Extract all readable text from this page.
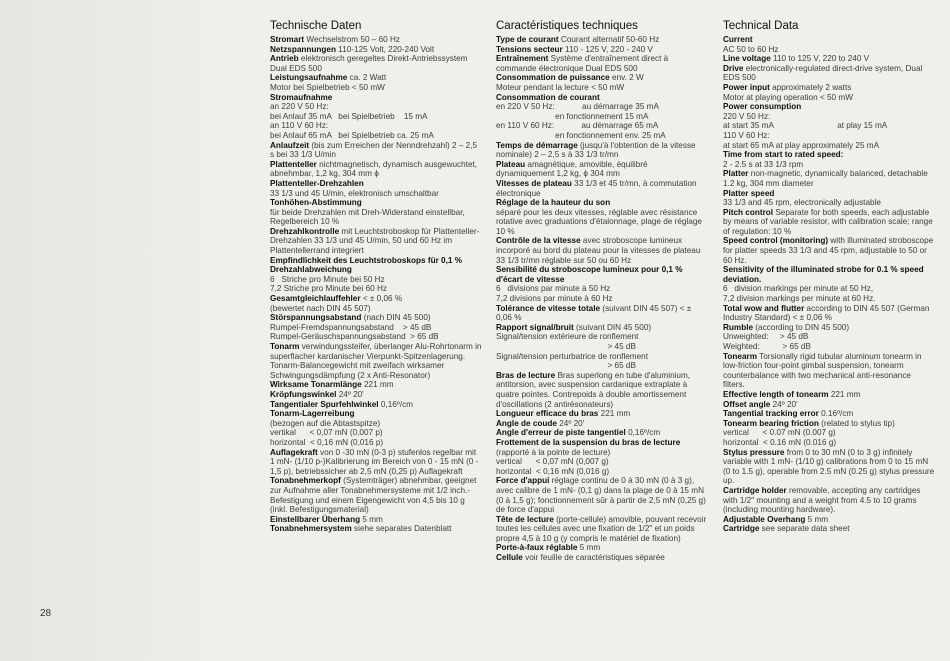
28
Technische Daten

Stromart Wechselstrom 50 – 60 Hz

Netzspannungen 110-125 Volt, 220-240 Volt

Antrieb elektronisch geregeltes Direkt-Antriebssystem Dual EDS 500

Leistungsaufnahme ca. 2 Watt
Motor bei Spielbetrieb < 50 mW

Stromaufnahme
an 220 V 50 Hz:
bei Anlauf 35 mA   bei Spielbetrieb    15 mA
an 110 V 60 Hz:
bei Anlauf 65 mA   bei Spielbetrieb ca. 25 mA

Anlaufzeit (bis zum Erreichen der Nenndrehzahl) 2 – 2,5 s bei 33 1/3 U/min

Plattenteller nichtmagnetisch, dynamisch ausgewuchtet, abnehmbar, 1,2 kg, 304 mm ϕ

Plattenteller-Drehzahlen
33 1/3 und 45 U/min, elektronisch umschaltbar

Tonhöhen-Abstimmung
für beide Drehzahlen mit Dreh-Widerstand einstellbar, Regelbereich 10 %

Drehzahlkontrolle mit Leuchtstroboskop für Plattenteller-Drehzahlen 33 1/3 und 45 U/min, 50 und 60 Hz im Plattentellerrand integriert

Empfindlichkeit des Leuchtstroboskops für 0,1 % Drehzahlabweichung
6   Striche pro Minute bei 50 Hz
7,2 Striche pro Minute bei 60 Hz

Gesamtgleichlauffehler < ± 0,06 %
(bewertet nach DIN 45 507)

Störspannungsabstand (nach DIN 45 500)
Rumpel-Fremdspannungsabstand    > 45 dB
Rumpel-Geräuschspannungsabstand  > 65 dB

Tonarm verwindungssteifer, überlanger Alu-Rohrtonarm in superflacher kardanischer Vierpunkt-Spitzenlagerung. Tonarm-Balancegewicht mit zweifach wirksamer Schwingungsdämpfung (2 x Anti-Resonator)

Wirksame Tonarmlänge 221 mm

Kröpfungswinkel 24º 20'

Tangentialer Spurfehlwinkel 0,16º/cm

Tonarm-Lagerreibung
(bezogen auf die Abtastspitze)
vertikal      < 0,07 mN (0,007 p)
horizontal  < 0,16 mN (0,016 p)

Auflagekraft von 0 -30 mN (0-3 p) stufenlos regelbar mit 1 mN- (1/10 p-)Kalibrierung im Bereich von 0 - 15 mN (0 - 1,5 p), betriebssicher ab 2,5 mN (0,25 p) Auflagekraft

Tonabnehmerkopf (Systemträger) abnehmbar, geeignet zur Aufnahme aller Tonabnehmersysteme mit 1/2 inch.-Befestigung und einem Eigengewicht von 4,5 bis 10 g (inkl. Befestigungsmaterial)

Einstellbarer Überhang 5 mm

Tonabnehmersystem siehe separates Datenblatt

Caractéristiques techniques

Type de courant Courant alternatif 50-60 Hz

Tensions secteur 110 - 125 V, 220 - 240 V

Entraînement Système d'entraînement direct à commande électronique Dual EDS 500

Consommation de puissance env. 2 W
Moteur pendant la lecture < 50 mW

Consommation de courant
en 220 V 50 Hz:            au démarrage 35 mA
en fonctionnement 15 mA
en 110 V 60 Hz:            au démarrage 65 mA
en fonctionnement env. 25 mA

Temps de démarrage (jusqu'à l'obtention de la vitesse nominale) 2 – 2,5 s à 33 1/3 tr/mn

Plateau amagnétique, amovible, équilibré dynamiquement 1,2 kg, ϕ 304 mm

Vitesses de plateau 33 1/3 et 45 tr/mn, à commutation électronique

Réglage de la hauteur du son
séparé pour les deux vitesses, réglable avec résistance rotative avec graduations d'étalonnage, plage de réglage 10 %

Contrôle de la vitesse avec stroboscope lumineux incorporé au bord du plateau pour la vitesses de plateau 33 1/3 tr/mn réglable sur 50 ou 60 Hz

Sensibilité du stroboscope lumineux pour 0,1 % d'écart de vitesse
6   divisions par minute à 50 Hz
7,2 divisions par minute à 60 Hz

Tolérance de vitesse totale (suivant DIN 45 507) < ± 0,06 %

Rapport signal/bruit (suivant DIN 45 500)
Signal/tension extérieure de ronflement
> 45 dB
Signal/tension perturbatrice de ronflement
> 65 dB

Bras de lecture Bras superlong en tube d'aluminium, antitorsion, avec suspension cardanique extraplate à quatre pointes. Contrepoids à double amortissement d'oscillations (2 antirésonateurs)

Longueur efficace du bras 221 mm

Angle de coude 24º 20'

Angle d'erreur de piste tangentiel 0,16º/cm

Frottement de la suspension du bras de lecture
(rapporté à la pointe de lecture)
vertical      < 0,07 mN (0,007 g)
horizontal  < 0,16 mN (0,016 g)

Force d'appui réglage continu de 0 à 30 mN (0 à 3 g), avec calibre de 1 mN- (0,1 g) dans la plage de 0 à 15 mN (0 à 1,5 g); fonctionnement sûr à partir de 2,5 mN (0,25 g) de force d'appui

Tête de lecture (porte-cellule) amovible, pouvant recevoir toutes les cellules avec une fixation de 1/2" et un poids propre 4,5 à 10 g (y compris le matériel de fixation)

Porte-à-faux réglable 5 mm

Cellule voir feuille de caractéristiques séparée

Technical Data

Current
AC 50 to 60 Hz

Line voltage 110 to 125 V, 220 to 240 V

Drive electronically-regulated direct-drive system, Dual EDS 500

Power input approximately 2 watts
Motor at playing operation < 50 mW

Power consumption
220 V 50 Hz:
at start 35 mA                            at play 15 mA
110 V 60 Hz:
at start 65 mA at play approximately 25 mA

Time from start to rated speed:
2 - 2.5 s at 33 1/3 rpm

Platter non-magnetic, dynamically balanced, detachable 1.2 kg, 304 mm diameter

Platter speed
33 1/3 and 45 rpm, electronically adjustable

Pitch control Separate for both speeds, each adjustable by means of variable resistor, with calibration scale; range of regulation: 10 %

Speed control (monitoring) with illuminated stroboscope for platter speeds 33 1/3 and 45 rpm, adjustable to 50 or 60 Hz.

Sensitivity of the illuminated strobe for 0.1 % speed deviation.
6   division markings per minute at 50 Hz,
7,2 division markings per minute at 60 Hz.

Total wow and flutter according to DIN 45 507 (German Industry Standard) < ± 0,06 %

Rumble (according to DIN 45 500)
Unweighted:     > 45 dB
Weighted:          > 65 dB

Tonearm Torsionally rigid tubular aluminum tonearm in low-friction four-point gimbal suspension, tonearm counterbalance with two mechanical anti-resonance filters.

Effective length of tonearm 221 mm

Offset angle 24º 20'

Tangential tracking error 0.16º/cm

Tonearm bearing friction (related to stylus tip)
vertical      < 0.07 mN (0.007 g)
horizontal  < 0.16 mN (0.016 g)

Stylus pressure from 0 to 30 mN (0 to 3 g) infinitely variable with 1 mN- (1/10 g) calibrations from 0 to 15 mN (0 to 1.5 g), operable from 2.5 mN (0.25 g) stylus pressure up.

Cartridge holder removable, accepting any cartridges with 1/2" mounting and a weight from 4.5 to 10 grams (including mounting hardware).

Adjustable Overhang 5 mm

Cartridge see separate data sheet
